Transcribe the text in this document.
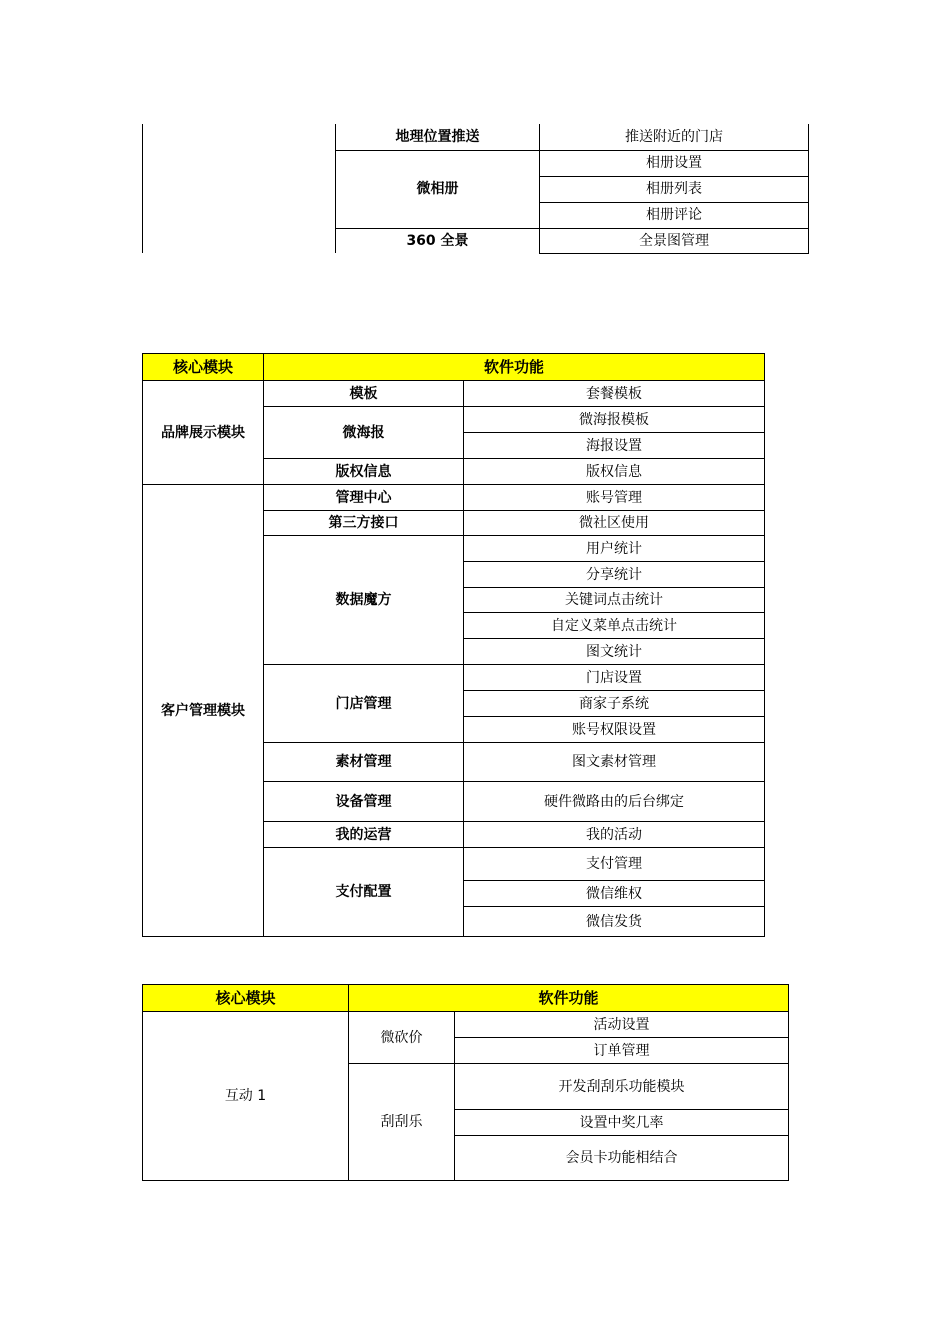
	地理位置推送	推送附近的门店
	微相册	相册设置
		相册列表
		相册评论
	360 全景	全景图管理
核心模块	软件功能	
品牌展示模块	模板	套餐模板
	微海报	微海报模板
		海报设置
	版权信息	版权信息
客户管理模块	管理中心	账号管理
	第三方接口	微社区使用
	数据魔方	用户统计
		分享统计
		关键词点击统计
		自定义菜单点击统计
		图文统计
	门店管理	门店设置
		商家子系统
		账号权限设置
	素材管理	图文素材管理
	设备管理	硬件微路由的后台绑定
	我的运营	我的活动
	支付配置	支付管理
		微信维权
		微信发货
核心模块	软件功能	
互动 1	微砍价	活动设置
		订单管理
	刮刮乐	开发刮刮乐功能模块
		设置中奖几率
		会员卡功能相结合
